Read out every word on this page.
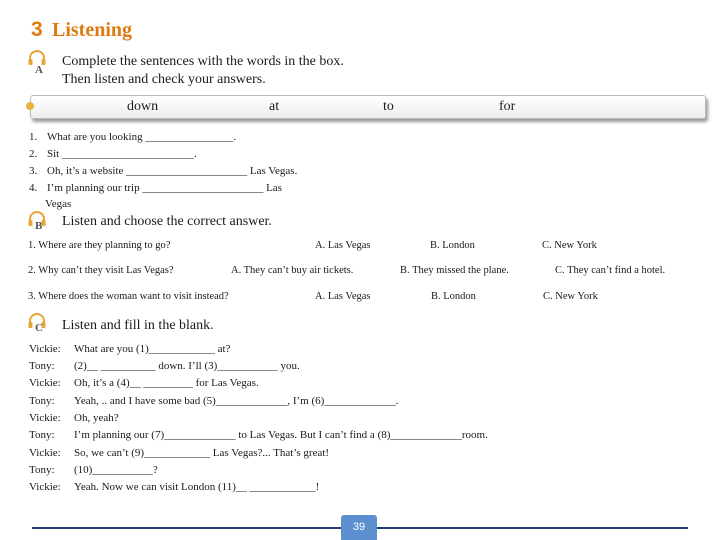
3 Listening
A
Complete the sentences with the words in the box.
Then listen and check your answers.
down	at	to	for
1. What are you looking ________________.
2. Sit ________________________.
3. Oh, it’s a website ______________________ Las Vegas.
4. I’m planning our trip ______________________ Las
Vegas
B Listen and choose the correct answer.
1. Where are they planning to go?	A. Las Vegas	B. London	C. New York
2. Why can’t they visit Las Vegas?	A. They can’t buy air tickets.	B. They missed the plane.	C. They can’t find a hotel.
3. Where does the woman want to visit instead?	A. Las Vegas	B. London	C. New York
C Listen and fill in the blank.
Vickie: What are you (1)____________ at?
Tony: (2)__ __________ down. I’ll (3)___________ you.
Vickie: Oh, it’s a (4)__ _________ for Las Vegas.
Tony: Yeah, .. and I have some bad (5)_____________, I’m (6)_____________.
Vickie: Oh, yeah?
Tony: I’m planning our (7)_____________ to Las Vegas. But I can’t find a (8)_____________room.
Vickie: So, we can’t (9)____________ Las Vegas?... That’s great!
Tony: (10)___________?
Vickie: Yeah. Now we can visit London (11)__ ____________!
39
